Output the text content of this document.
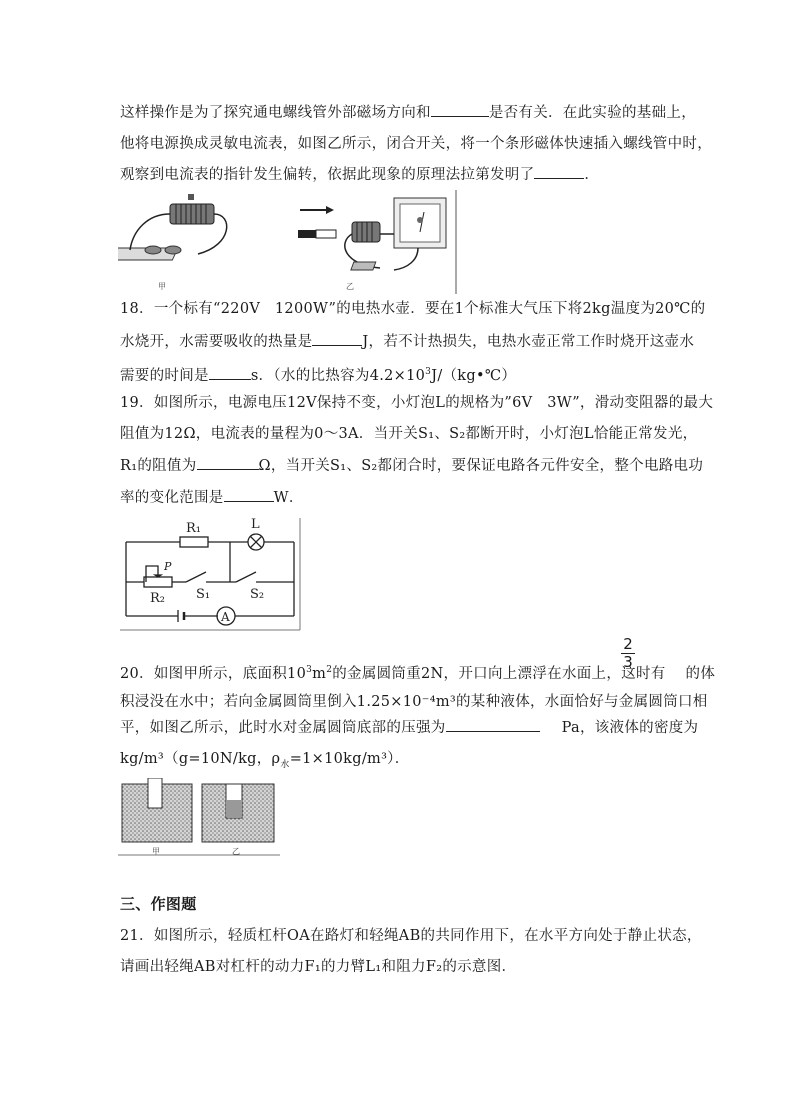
这样操作是为了探究通电螺线管外部磁场方向和	是否有关．在此实验的基础上，
他将电源换成灵敏电流表，如图乙所示，闭合开关，将一个条形磁体快速插入螺线管中时，
观察到电流表的指针发生偏转，依据此现象的原理法拉第发明了	．
甲	乙
18．一个标有“220V　1200W”的电热水壶．要在1个标准大气压下将2kg温度为20℃的
水烧开，水需要吸收的热量是	J，若不计热损失，电热水壶正常工作时烧开这壶水
需要的时间是	s．（水的比热容为$4.2\times 10^3J/(kg•℃)$
19．如图所示，电源电压12V保持不变，小灯泡L的规格为”6V　3W”，滑动变阻器的最大
阻值为12Ω，电流表的量程为0～3A．当开关S₁、S₂都断开时，小灯泡L恰能正常发光，
R₁的阻值为	Ω，当开关S₁、S₂都闭合时，要保证电路各元件安全，整个电路电功
率的变化范围是	W．
R₁	L
P
R₂ S₁	S₂
A
2
3
20．如图甲所示，底面积$10^3m^2$的金属圆筒重2N，开口向上漂浮在水面上，这时有 的体
积浸没在水中；若向金属圆筒里倒入1.25×10⁻⁴m³的某种液体，水面恰好与金属圆筒口相
平，如图乙所示，此时水对金属圆筒底部的压强为	Pa，该液体的密度为
kg/m³（g=10N/kg，$\rho_水=1\times 10kg/m^3$）．
甲	乙
三、作图题
21．如图所示，轻质杠杆OA在路灯和轻绳AB的共同作用下，在水平方向处于静止状态，
请画出轻绳AB对杠杆的动力F₁的力臂L₁和阻力F₂的示意图．
